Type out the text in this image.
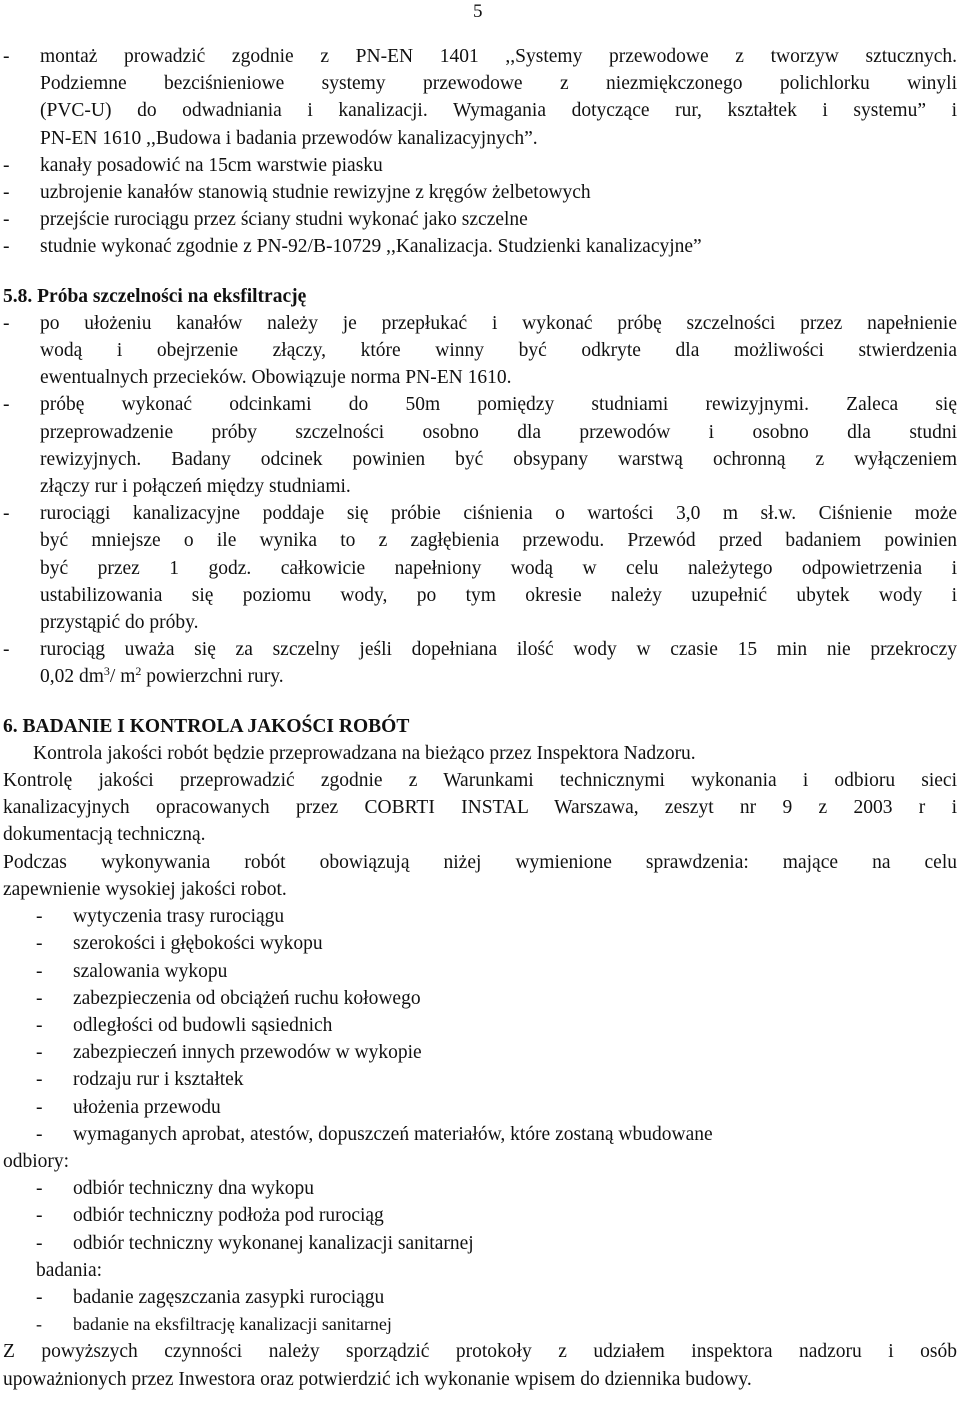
5
-	montaż prowadzić zgodnie z PN-EN 1401 ,,Systemy przewodowe z tworzyw sztucznych.
Podziemne bezciśnieniowe systemy przewodowe z niezmiękczonego polichlorku winyli
(PVC-U) do odwadniania i kanalizacji. Wymagania dotyczące rur, kształtek i systemu” i
PN-EN 1610 ,,Budowa i badania przewodów kanalizacyjnych”.
-	kanały posadowić na 15cm warstwie piasku
-	uzbrojenie kanałów stanowią studnie rewizyjne z kręgów żelbetowych
-	przejście rurociągu przez ściany studni wykonać jako szczelne
-	studnie wykonać zgodnie z PN-92/B-10729 ,,Kanalizacja. Studzienki kanalizacyjne”
5.8. Próba szczelności na eksfiltrację
-	po ułożeniu kanałów należy je przepłukać i wykonać próbę szczelności przez napełnienie
wodą i obejrzenie złączy, które winny być odkryte dla możliwości stwierdzenia
ewentualnych przecieków. Obowiązuje norma PN-EN 1610.
-	próbę wykonać odcinkami do 50m pomiędzy studniami rewizyjnymi. Zaleca się
przeprowadzenie próby szczelności osobno dla przewodów i osobno dla studni
rewizyjnych. Badany odcinek powinien być obsypany warstwą ochronną z wyłączeniem
złączy rur i połączeń między studniami.
-	rurociągi kanalizacyjne poddaje się próbie ciśnienia o wartości 3,0 m sł.w. Ciśnienie może
być mniejsze o ile wynika to z zagłębienia przewodu. Przewód przed badaniem powinien
być przez 1 godz. całkowicie napełniony wodą w celu należytego odpowietrzenia i
ustabilizowania się poziomu wody, po tym okresie należy uzupełnić ubytek wody i
przystąpić do próby.
-	rurociąg uważa się za szczelny jeśli dopełniana ilość wody w czasie 15 min nie przekroczy
0,02 $dm^3/$ $m^2$ powierzchni rury.
6. BADANIE I KONTROLA JAKOŚCI ROBÓT
Kontrola jakości robót będzie przeprowadzana na bieżąco przez Inspektora Nadzoru.
Kontrolę jakości przeprowadzić zgodnie z Warunkami technicznymi wykonania i odbioru sieci
kanalizacyjnych opracowanych przez COBRTI INSTAL Warszawa, zeszyt nr 9 z 2003 r i
dokumentacją techniczną.
Podczas wykonywania robót obowiązują niżej wymienione sprawdzenia: mające na celu
zapewnienie wysokiej jakości robot.
-	wytyczenia trasy rurociągu
-	szerokości i głębokości wykopu
-	szalowania wykopu
-	zabezpieczenia od obciążeń ruchu kołowego
-	odległości od budowli sąsiednich
-	zabezpieczeń innych przewodów w wykopie
-	rodzaju rur i kształtek
-	ułożenia przewodu
-	wymaganych aprobat, atestów, dopuszczeń materiałów, które zostaną wbudowane
odbiory:
-	odbiór techniczny dna wykopu
-	odbiór techniczny podłoża pod rurociąg
-	odbiór techniczny wykonanej kanalizacji sanitarnej
badania:
-	badanie zagęszczania zasypki rurociągu
-	badanie na eksfiltrację kanalizacji sanitarnej
Z powyższych czynności należy sporządzić protokoły z udziałem inspektora nadzoru i osób
upoważnionych przez Inwestora oraz potwierdzić ich wykonanie wpisem do dziennika budowy.
